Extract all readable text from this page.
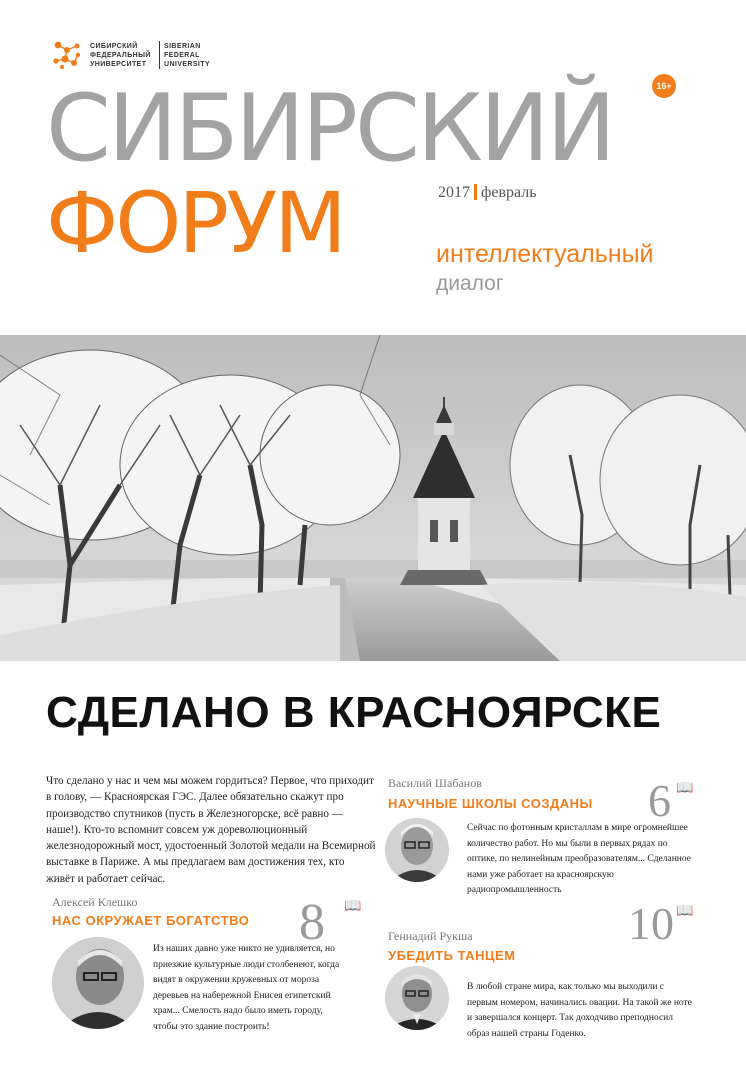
СИБИРСКИЙ
ФЕДЕРАЛЬНЫЙ
УНИВЕРСИТЕТ
SIBERIAN
FEDERAL
UNIVERSITY
16+
СИБИРСКИЙ
ФОРУМ	2017 февраль
интеллектуальный
диалог
СДЕЛАНО В КРАСНОЯРСКЕ
Что сделано у нас и чем мы можем гордиться? Первое, что приходит в голову, — Красноярская ГЭС. Далее обязательно скажут про производство спутников (пусть в Железногорске, всё равно — наше!). Кто-то вспомнит совсем уж дореволюционный железнодорожный мост, удостоенный Золотой медали на Всемирной выставке в Париже. А мы предлагаем вам достижения тех, кто живёт и работает сейчас.
Алексей Клешко
НАС ОКРУЖАЕТ БОГАТСТВО 8 📖
Из наших давно уже никто не удивляется, но приезжие культурные люди столбенеют, когда видят в окружении кружевных от мороза деревьев на набережной Енисея египетский храм... Смелость надо было иметь городу, чтобы это здание построить!
Василий Шабанов
НАУЧНЫЕ ШКОЛЫ СОЗДАНЫ 6 📖
Сейчас по фотонным кристаллам в мире огромнейшее количество работ. Но мы были в первых рядах по оптике, по нелинейным преобразователям... Сделанное нами уже работает на красноярскую радиопромышленность
Геннадий Рукша
УБЕДИТЬ ТАНЦЕМ
10 📖
В любой стране мира, как только мы выходили с первым номером, начинались овации. На такой же ноте и завершался концерт. Так доходчиво преподносил образ нашей страны Годенко.
